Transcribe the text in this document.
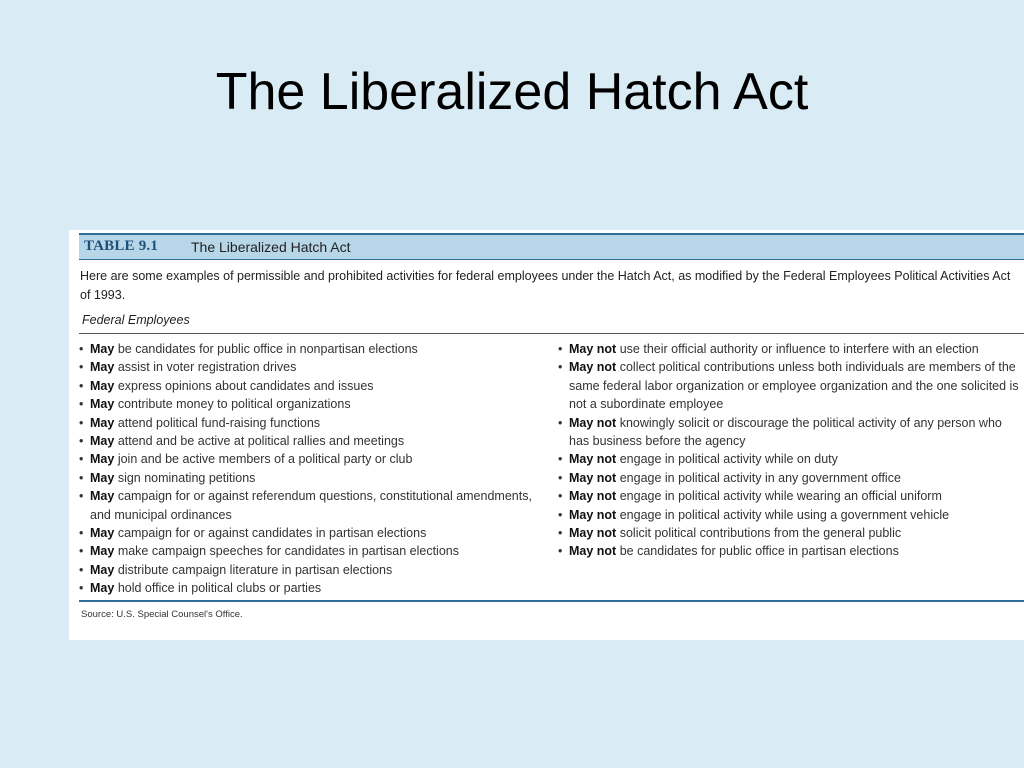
The Liberalized Hatch Act
TABLE 9.1 The Liberalized Hatch Act
Here are some examples of permissible and prohibited activities for federal employees under the Hatch Act, as modified by the Federal Employees Political Activities Act of 1993.
Federal Employees
• May be candidates for public office in nonpartisan elections
• May assist in voter registration drives
• May express opinions about candidates and issues
• May contribute money to political organizations
• May attend political fund-raising functions
• May attend and be active at political rallies and meetings
• May join and be active members of a political party or club
• May sign nominating petitions
• May campaign for or against referendum questions, constitutional amendments, and municipal ordinances
• May campaign for or against candidates in partisan elections
• May make campaign speeches for candidates in partisan elections
• May distribute campaign literature in partisan elections
• May hold office in political clubs or parties
• May not use their official authority or influence to interfere with an election
• May not collect political contributions unless both individuals are members of the same federal labor organization or employee organization and the one solicited is not a subordinate employee
• May not knowingly solicit or discourage the political activity of any person who has business before the agency
• May not engage in political activity while on duty
• May not engage in political activity in any government office
• May not engage in political activity while wearing an official uniform
• May not engage in political activity while using a government vehicle
• May not solicit political contributions from the general public
• May not be candidates for public office in partisan elections
Source: U.S. Special Counsel's Office.
